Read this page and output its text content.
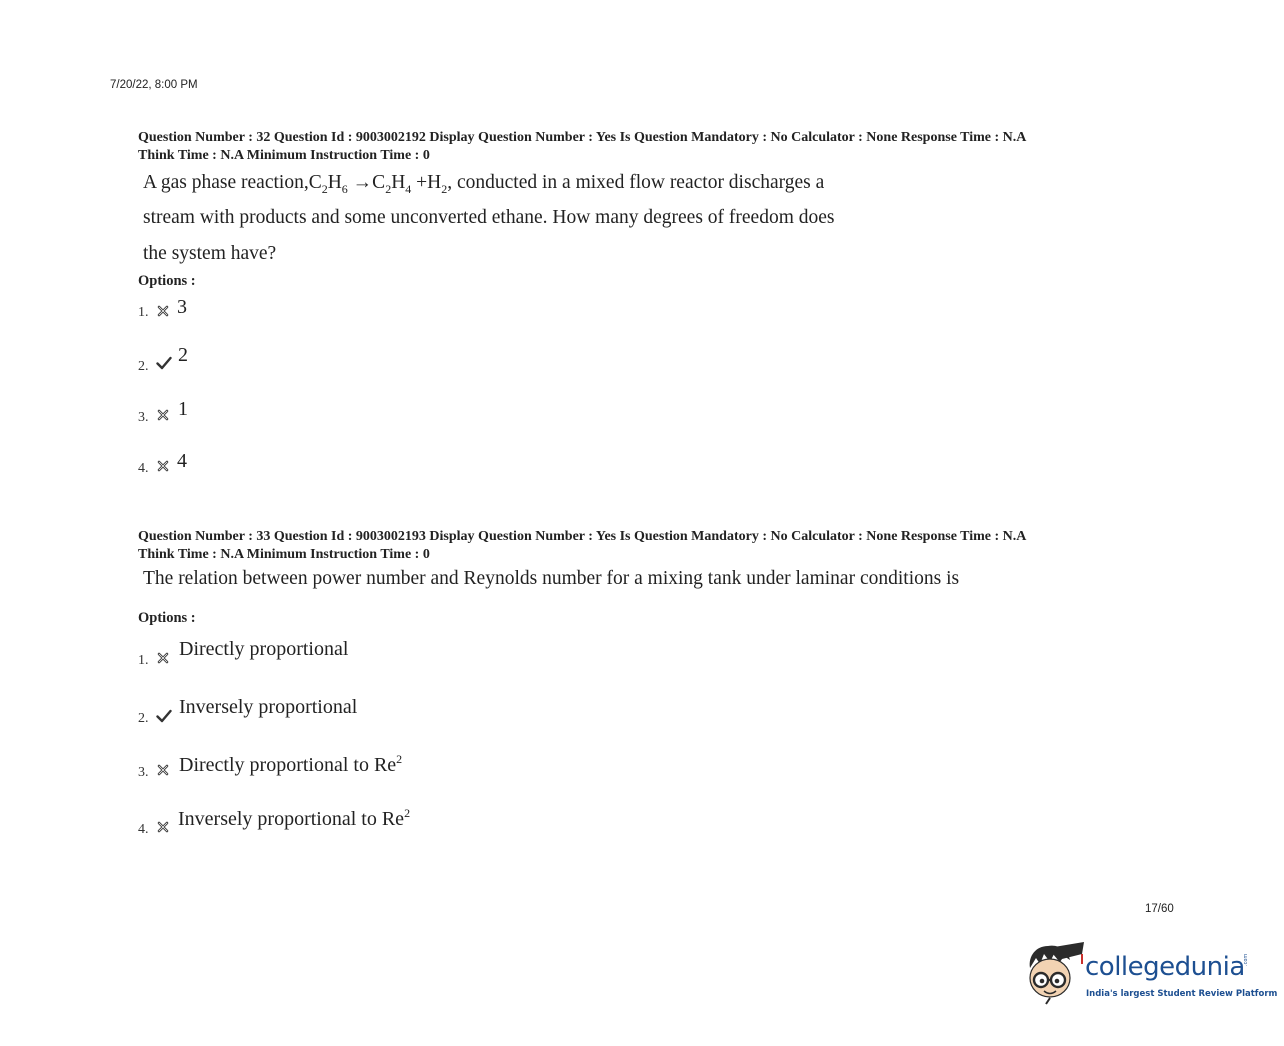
7/20/22, 8:00 PM
Question Number : 32 Question Id : 9003002192 Display Question Number : Yes Is Question Mandatory : No Calculator : None Response Time : N.A
Think Time : N.A Minimum Instruction Time : 0
A gas phase $reaction,C_2H_6 \to C_2H_4 +H_2$, conducted in a mixed flow reactor discharges a
stream with products and some unconverted ethane. How many degrees of freedom does
the system have?
Options :
1. 3
2.
2
3. 1
4. 4
Question Number : 33 Question Id : 9003002193 Display Question Number : Yes Is Question Mandatory : No Calculator : None Response Time : N.A
Think Time : N.A Minimum Instruction Time : 0
The relation between power number and Reynolds number for a mixing tank under laminar conditions is
Options :
1.
Directly proportional
2.
Inversely proportional
3. Directly proportional to Re$^2$
4. Inversely proportional to Re$^2$
17/60
collegedunia
.com
India's largest Student Review Platform
